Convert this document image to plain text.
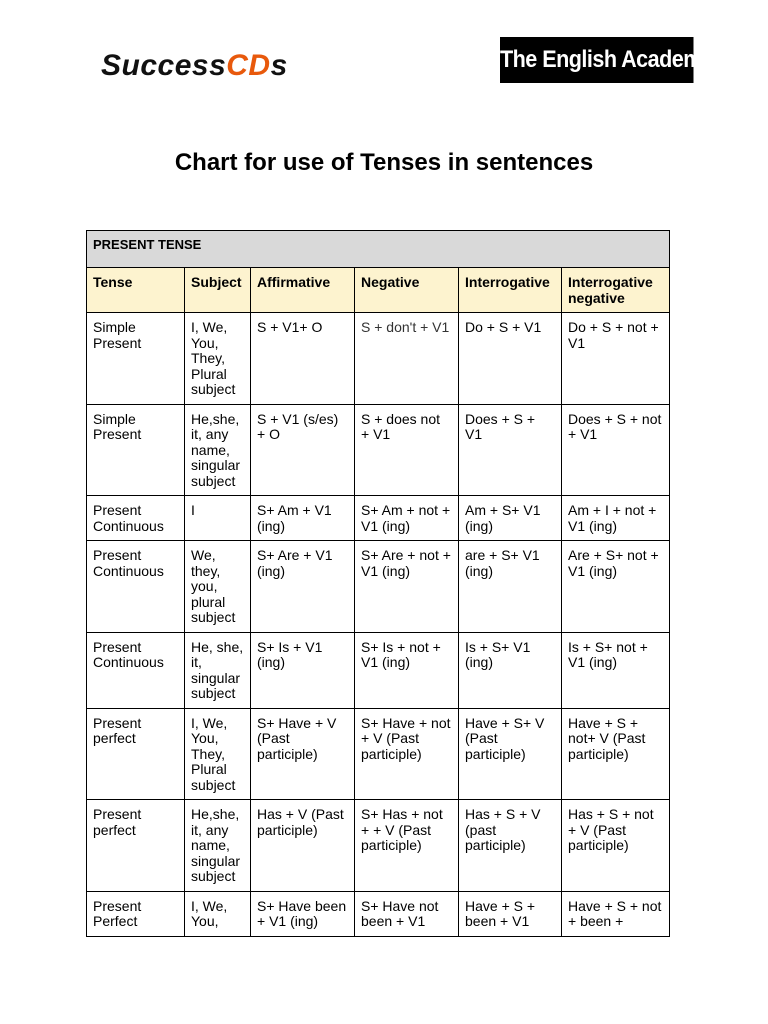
SuccessCDs	The English Academy
Chart for use of Tenses in sentences
PRESENT TENSE					
Tense	Subject	Affirmative	Negative	Interrogative	Interrogative negative
Simple Present	I, We, You, They, Plural subject	S + V1+ O	S + don't + V1	Do + S + V1	Do + S + not + V1
Simple Present	He,she, it, any name, singular subject	S + V1 (s/es) + O	S + does not + V1	Does + S + V1	Does + S + not + V1
Present Continuous	I	S+ Am + V1 (ing)	S+ Am + not + V1 (ing)	Am + S+ V1 (ing)	Am + I + not + V1 (ing)
Present Continuous	We, they, you, plural subject	S+ Are + V1 (ing)	S+ Are + not + V1 (ing)	are + S+ V1 (ing)	Are + S+ not + V1 (ing)
Present Continuous	He, she, it, singular subject	S+ Is + V1 (ing)	S+ Is + not + V1 (ing)	Is + S+ V1 (ing)	Is + S+ not + V1 (ing)
Present perfect	I, We, You, They, Plural subject	S+ Have + V (Past participle)	S+ Have + not + V (Past participle)	Have + S+ V (Past participle)	Have + S + not+ V (Past participle)
Present perfect	He,she, it, any name, singular subject	Has + V (Past participle)	S+ Has + not + + V (Past participle)	Has + S + V (past participle)	Has + S + not + V (Past participle)
Present Perfect	I, We, You,	S+ Have been + V1 (ing)	S+ Have not been + V1	Have + S + been + V1	Have + S + not + been +
